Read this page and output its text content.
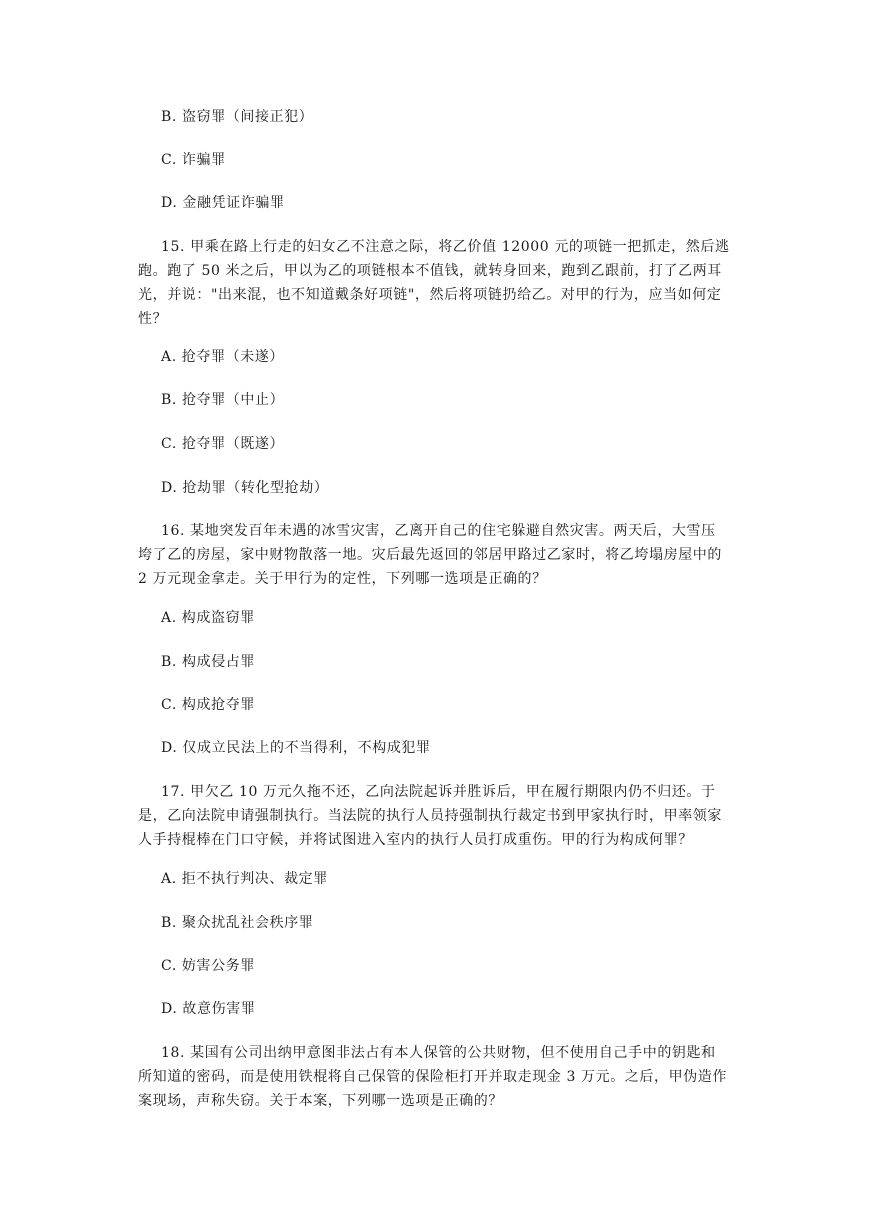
B. 盗窃罪（间接正犯）
C. 诈骗罪
D. 金融凭证诈骗罪
15. 甲乘在路上行走的妇女乙不注意之际，将乙价值 12000 元的项链一把抓走，然后逃
跑。跑了 50 米之后，甲以为乙的项链根本不值钱，就转身回来，跑到乙跟前，打了乙两耳
光，并说："出来混，也不知道戴条好项链"，然后将项链扔给乙。对甲的行为，应当如何定
性？
A. 抢夺罪（未遂）
B. 抢夺罪（中止）
C. 抢夺罪（既遂）
D. 抢劫罪（转化型抢劫）
16. 某地突发百年未遇的冰雪灾害，乙离开自己的住宅躲避自然灾害。两天后，大雪压
垮了乙的房屋，家中财物散落一地。灾后最先返回的邻居甲路过乙家时，将乙垮塌房屋中的
2 万元现金拿走。关于甲行为的定性，下列哪一选项是正确的？
A. 构成盗窃罪
B. 构成侵占罪
C. 构成抢夺罪
D. 仅成立民法上的不当得利，不构成犯罪
17. 甲欠乙 10 万元久拖不还，乙向法院起诉并胜诉后，甲在履行期限内仍不归还。于
是，乙向法院申请强制执行。当法院的执行人员持强制执行裁定书到甲家执行时，甲率领家
人手持棍棒在门口守候，并将试图进入室内的执行人员打成重伤。甲的行为构成何罪？
A. 拒不执行判决、裁定罪
B. 聚众扰乱社会秩序罪
C. 妨害公务罪
D. 故意伤害罪
18. 某国有公司出纳甲意图非法占有本人保管的公共财物，但不使用自己手中的钥匙和
所知道的密码，而是使用铁棍将自己保管的保险柜打开并取走现金 3 万元。之后，甲伪造作
案现场，声称失窃。关于本案，下列哪一选项是正确的？
